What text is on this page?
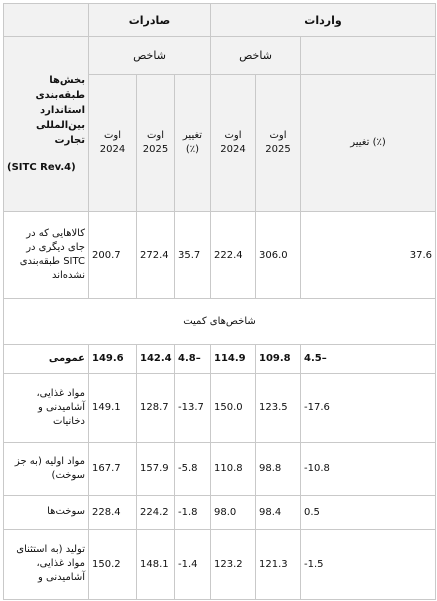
	صادرات			واردات		

بخش‌ها طبقه‌بندی استاندارد بین‌المللی تجارت
(SITC Rev.4)	شاخص			شاخص		
	اوت 2024	اوت 2025	تغییر (٪)	اوت 2024	اوت 2025	تغییر (٪)
کالاهایی که در جای دیگری در SITC طبقه‌بندی نشده‌اند	200.7	272.4	35.7	222.4	306.0	37.6
شاخص‌های کمیت						
عمومی	149.6	142.4	4.8–	114.9	109.8	4.5–
مواد غذایی، آشامیدنی و دخانیات	149.1	128.7	-13.7	150.0	123.5	-17.6
مواد اولیه (به جز سوخت)	167.7	157.9	-5.8	110.8	98.8	-10.8
سوخت‌ها	228.4	224.2	-1.8	98.0	98.4	0.5
تولید (به استثنای مواد غذایی، آشامیدنی و	150.2	148.1	-1.4	123.2	121.3	-1.5
